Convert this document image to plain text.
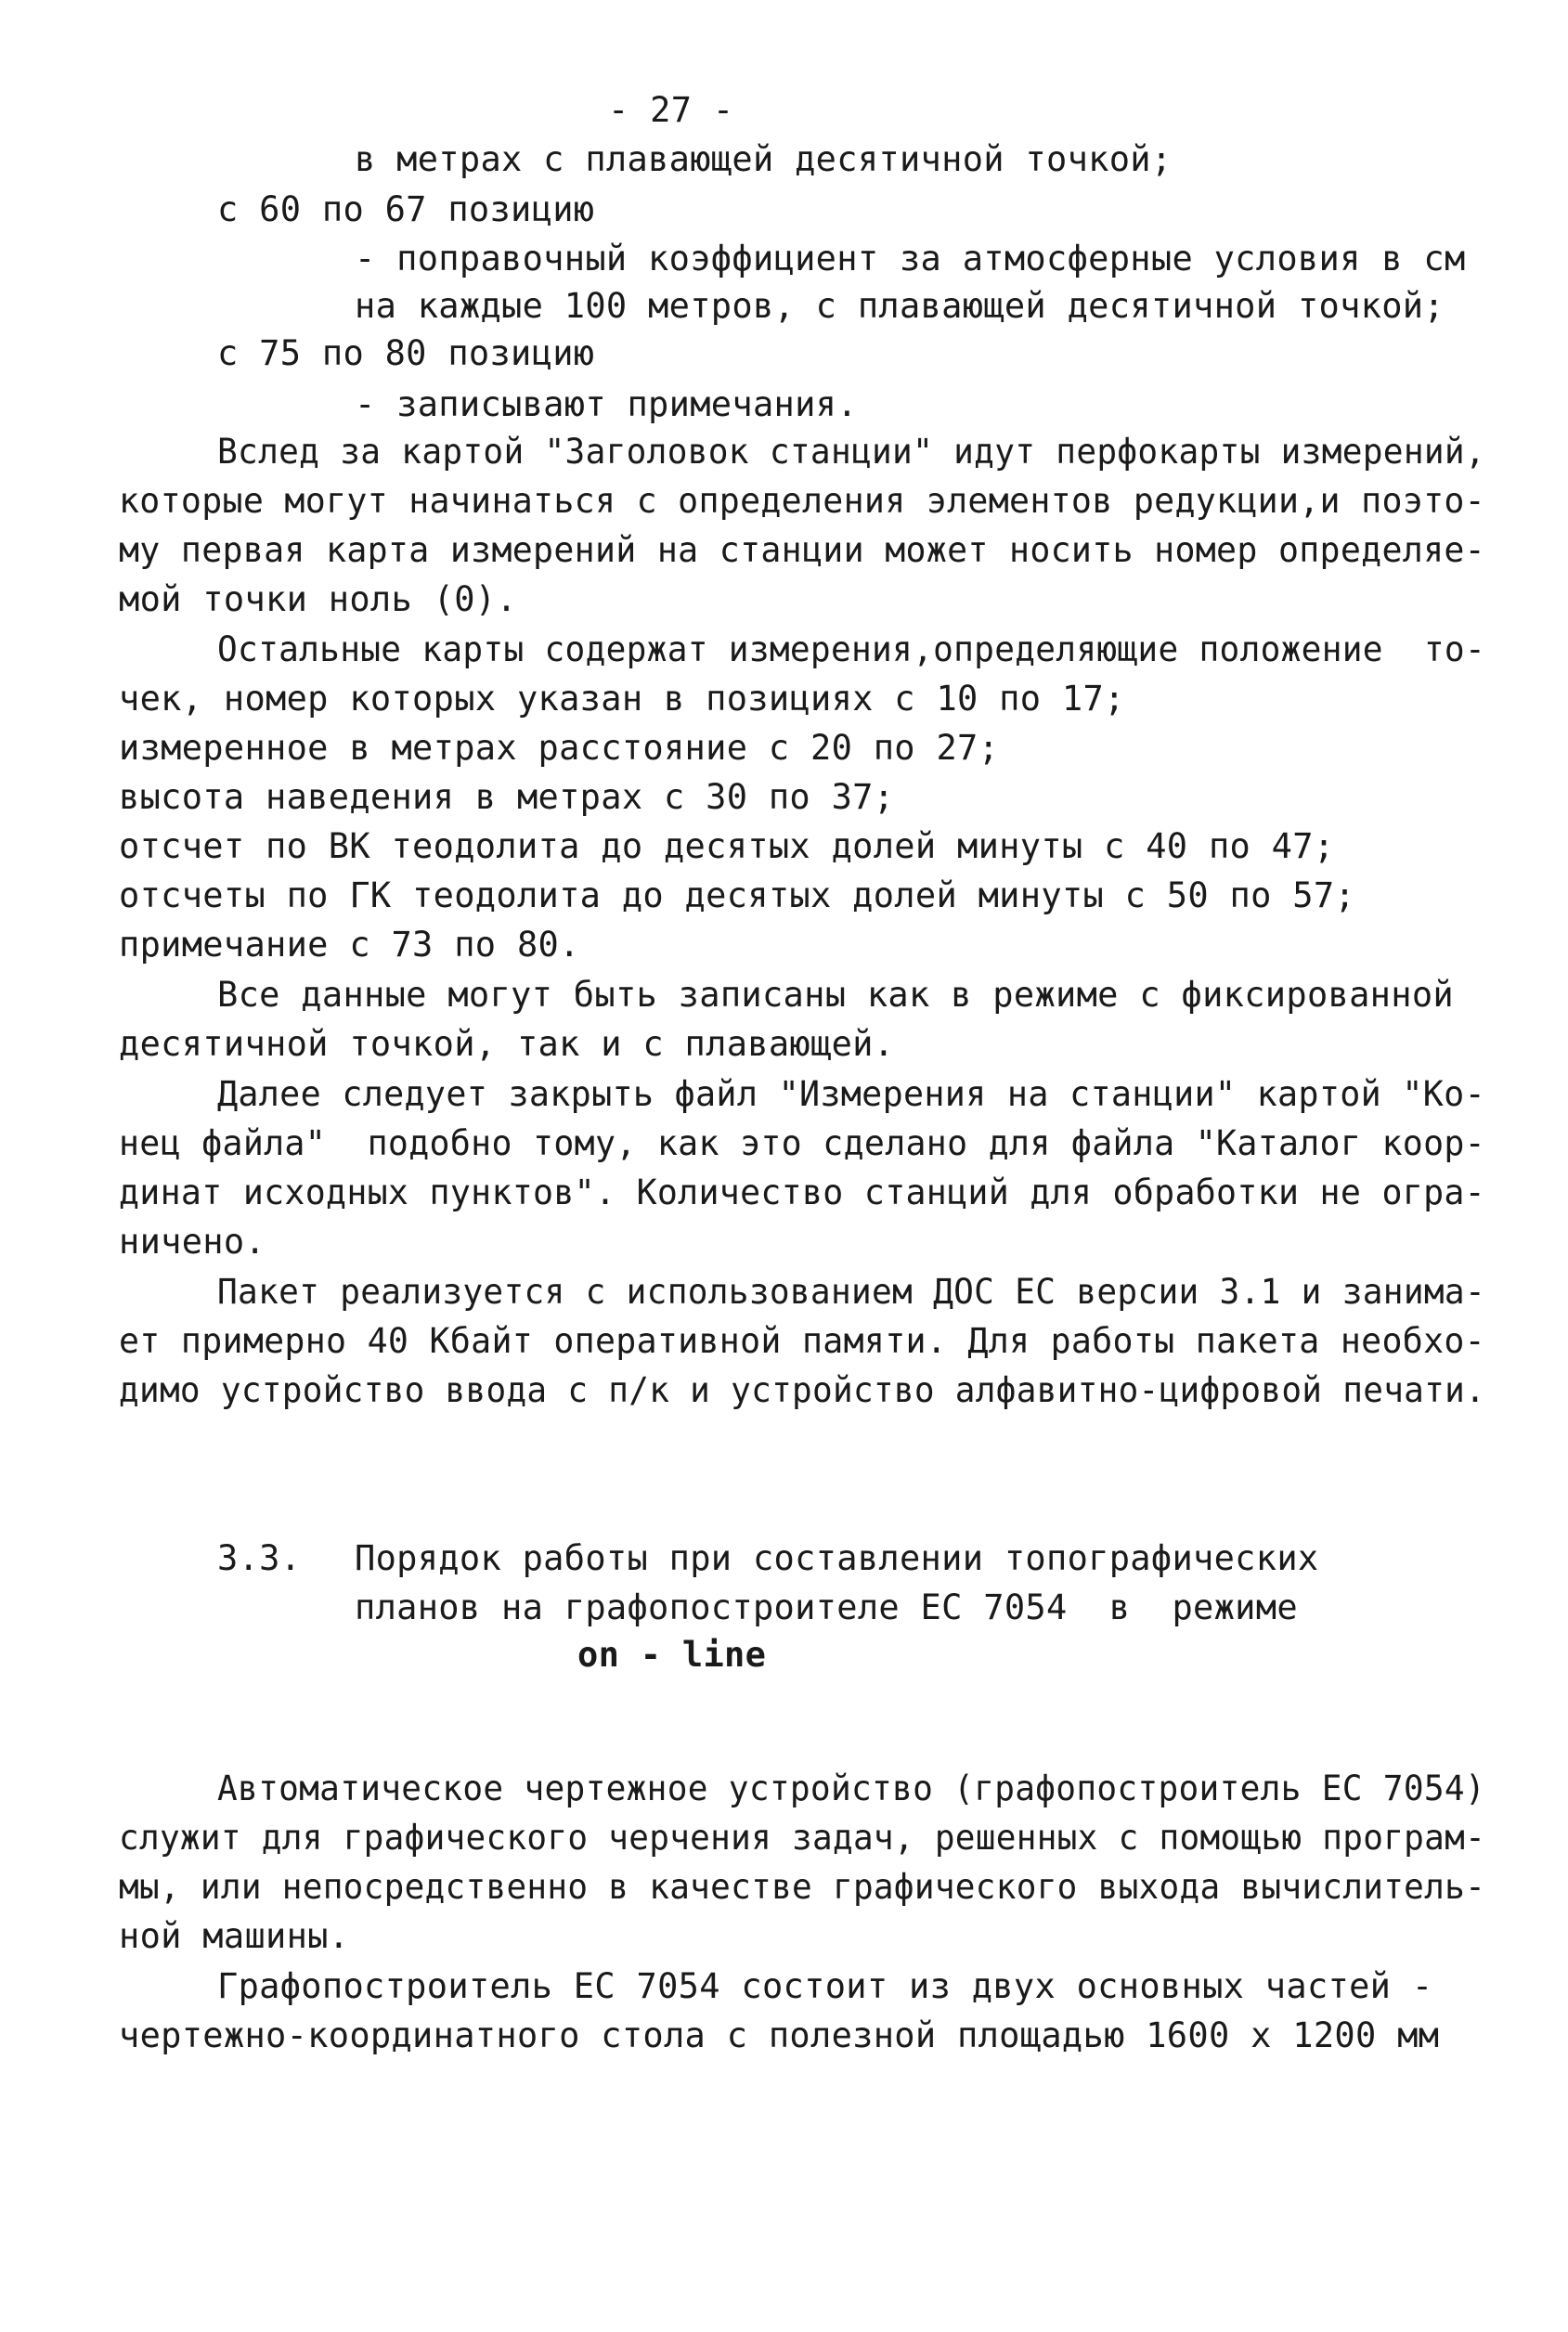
- 27 -
в метрах с плавающей десятичной точкой;
с 60 по 67 позицию
- поправочный коэффициент за атмосферные условия в см
на каждые 100 метров, с плавающей десятичной точкой;
с 75 по 80 позицию
- записывают примечания.
Вслед за картой "Заголовок станции" идут перфокарты измерений,
которые могут начинаться с определения элементов редукции,и поэто-
му первая карта измерений на станции может носить номер определяе-
мой точки ноль (0).
Остальные карты содержат измерения,определяющие положение  то-
чек, номер которых указан в позициях с 10 по 17;
измеренное в метрах расстояние с 20 по 27;
высота наведения в метрах с 30 по 37;
отсчет по ВК теодолита до десятых долей минуты с 40 по 47;
отсчеты по ГК теодолита до десятых долей минуты с 50 по 57;
примечание с 73 по 80.
Все данные могут быть записаны как в режиме с фиксированной
десятичной точкой, так и с плавающей.
Далее следует закрыть файл "Измерения на станции" картой "Ко-
нец файла"  подобно тому, как это сделано для файла "Каталог коор-
динат исходных пунктов". Количество станций для обработки не огра-
ничено.
Пакет реализуется с использованием ДОС ЕС версии 3.1 и занима-
ет примерно 40 Кбайт оперативной памяти. Для работы пакета необхо-
димо устройство ввода с п/к и устройство алфавитно-цифровой печати.
3.3. Порядок работы при составлении топографических
планов на графопостроителе ЕС 7054  в  режиме
on - line
Автоматическое чертежное устройство (графопостроитель ЕС 7054)
служит для графического черчения задач, решенных с помощью програм-
мы, или непосредственно в качестве графического выхода вычислитель-
ной машины.
Графопостроитель ЕС 7054 состоит из двух основных частей -
чертежно-координатного стола с полезной площадью 1600 х 1200 мм
